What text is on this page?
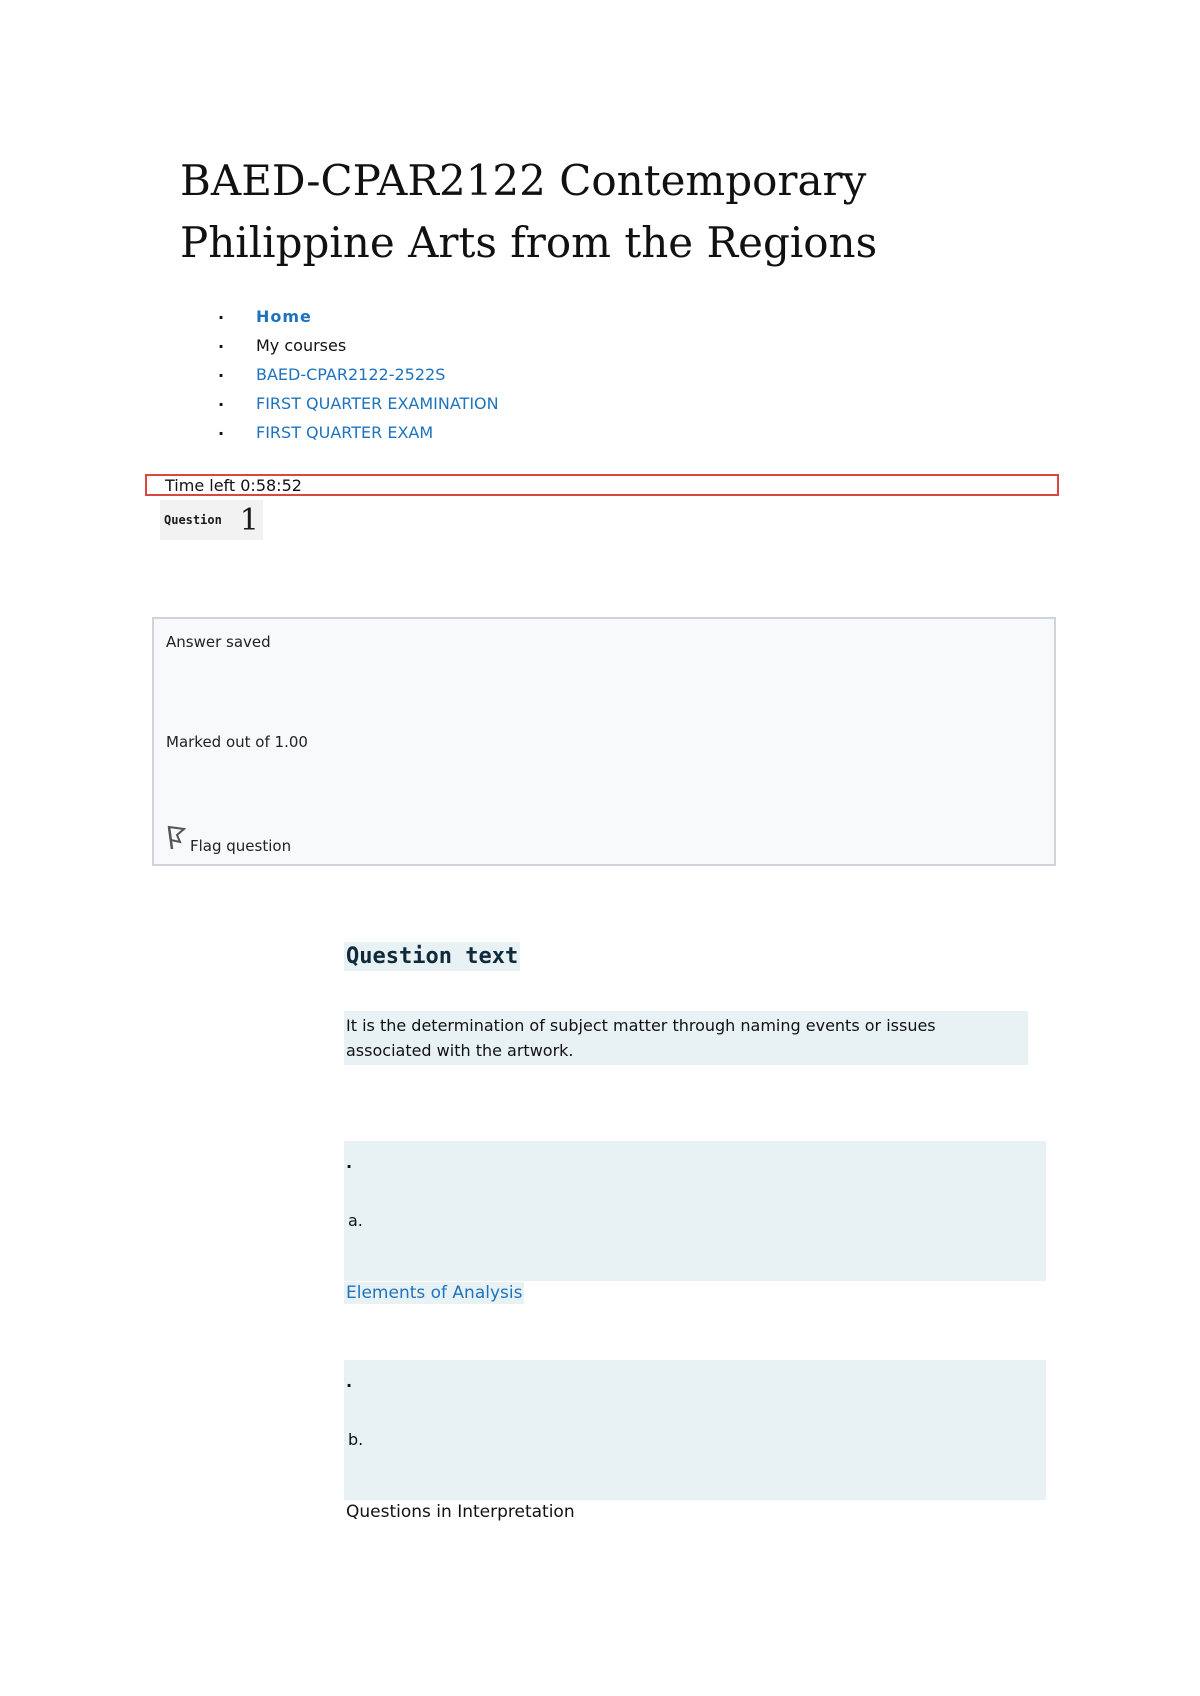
BAED-CPAR2122 Contemporary Philippine Arts from the Regions
. Home
. My courses
. BAED-CPAR2122-2522S
. FIRST QUARTER EXAMINATION
. FIRST QUARTER EXAM
Time left 0:58:52
Question 1
Answer saved
Marked out of 1.00
Flag question
Question text
It is the determination of subject matter through naming events or issues associated with the artwork.
.
a.
Elements of Analysis
.
b.
Questions in Interpretation
